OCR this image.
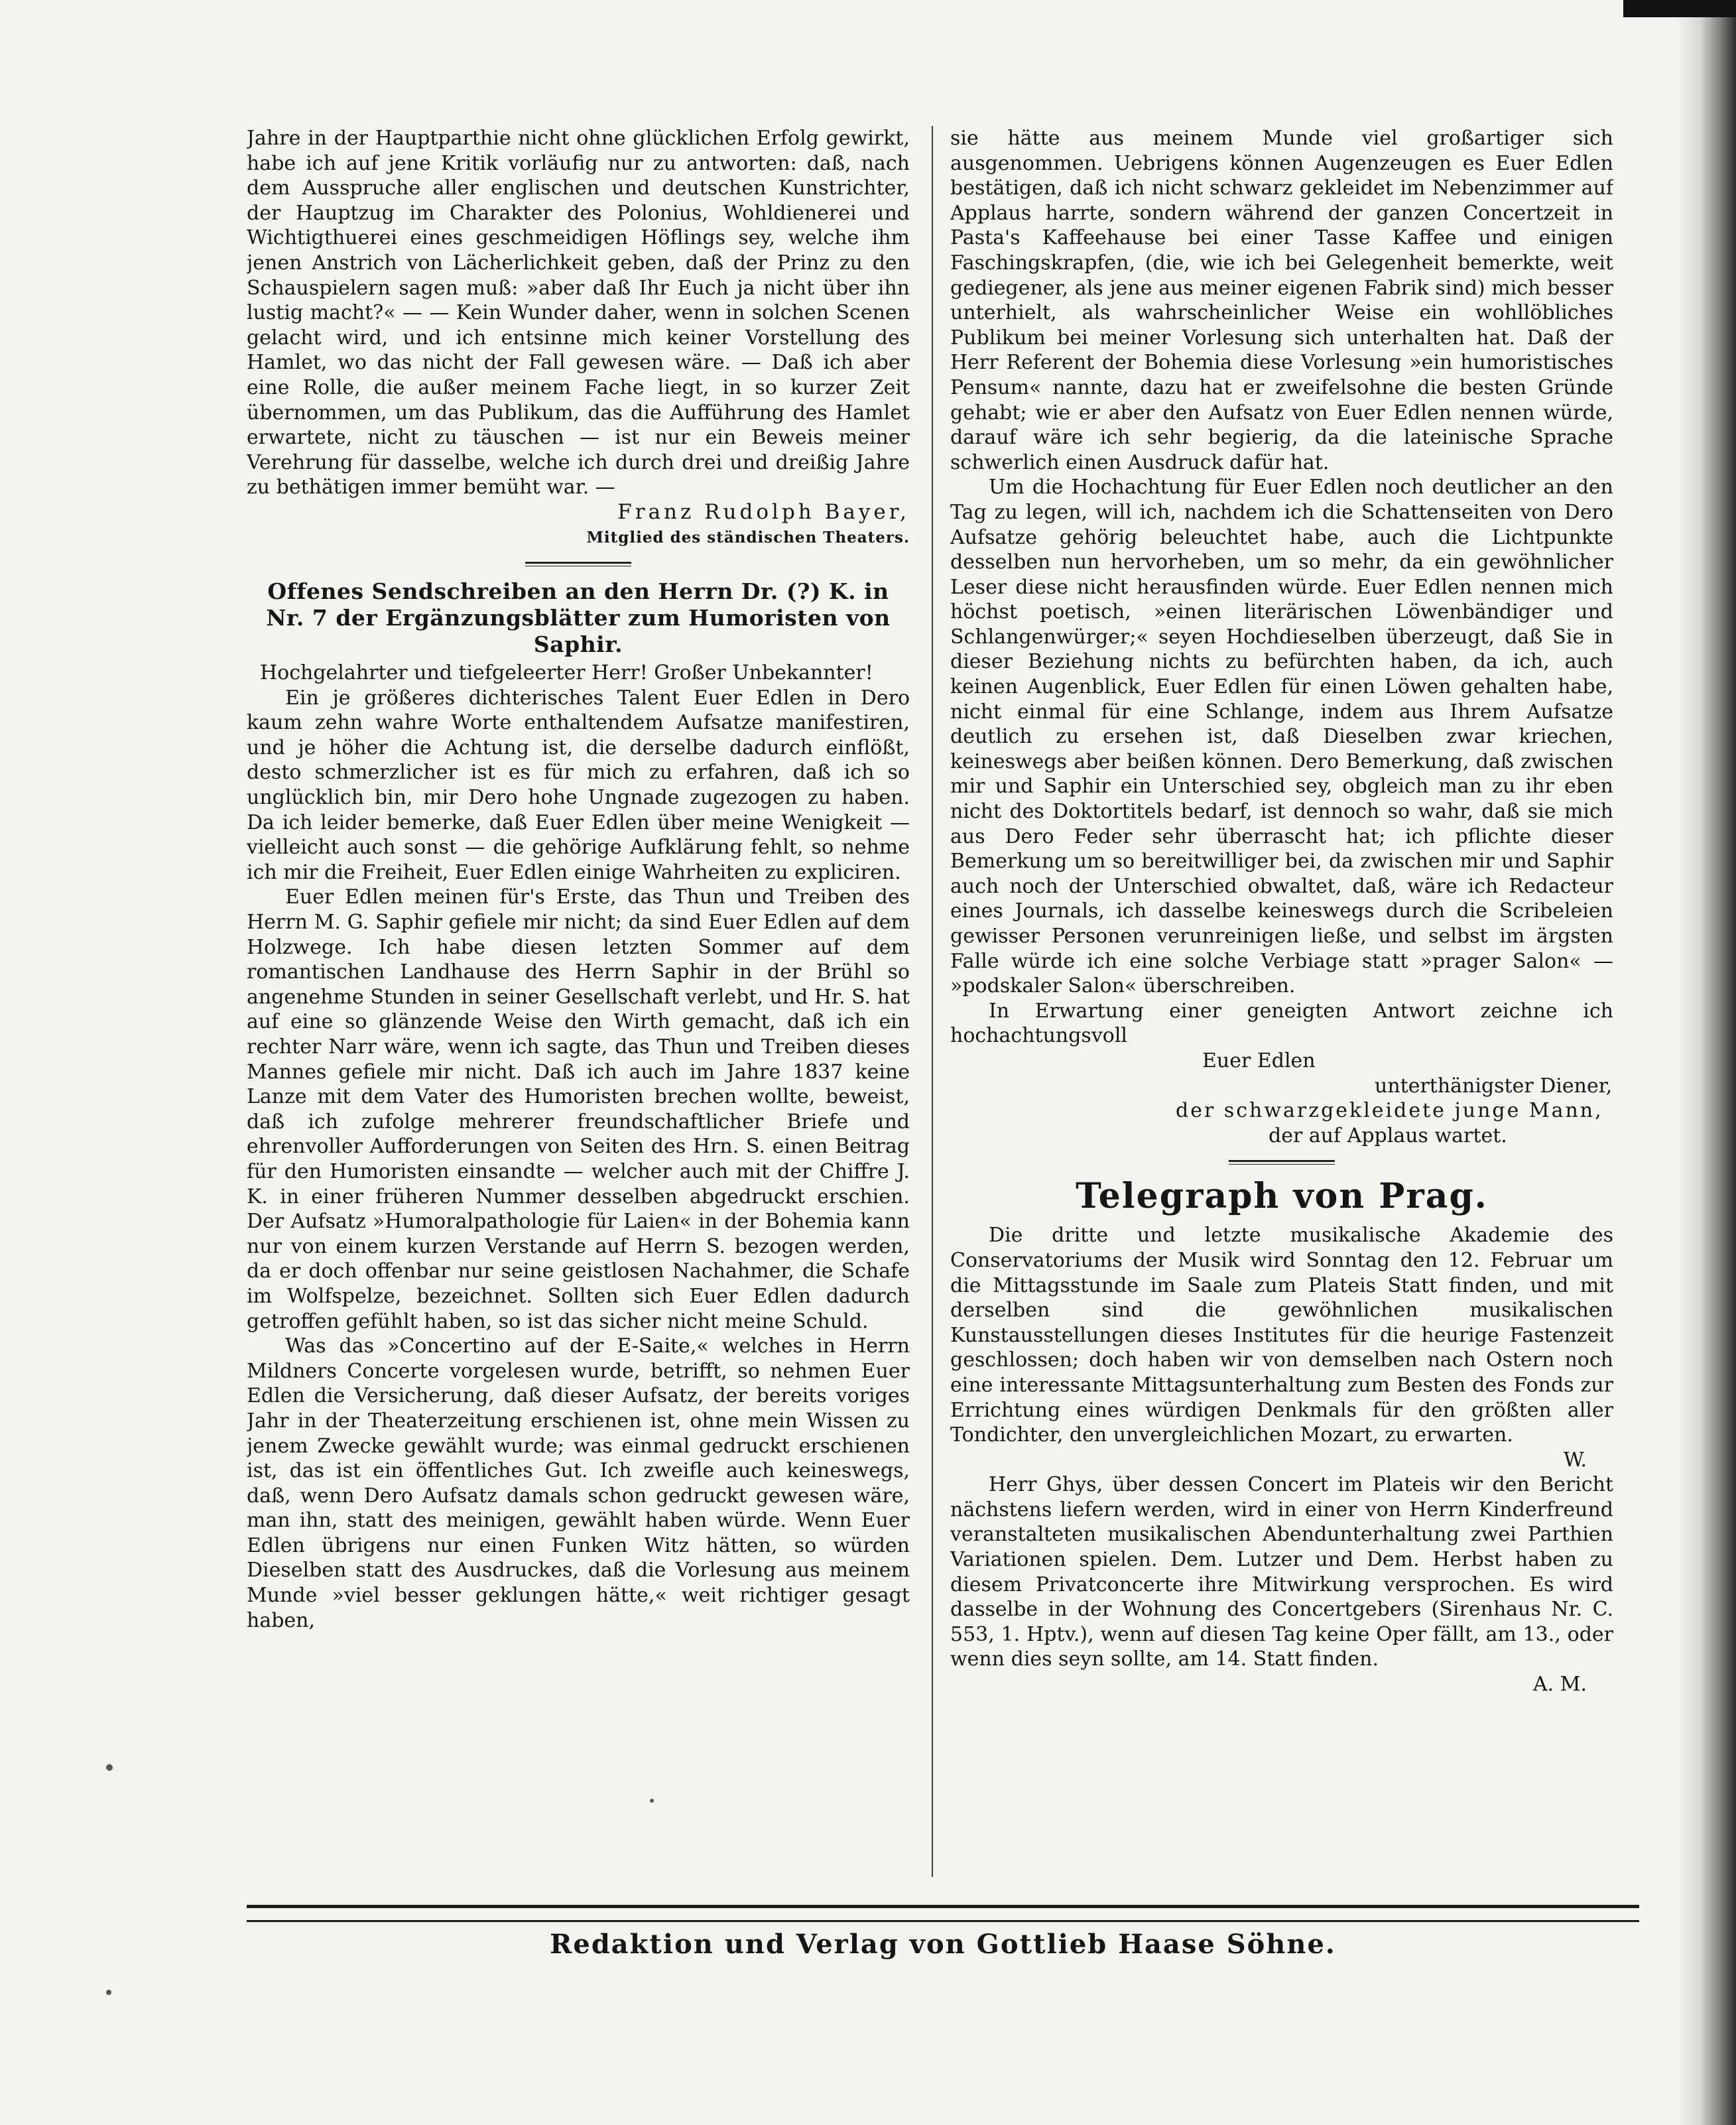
Jahre in der Hauptparthie nicht ohne glücklichen Erfolg gewirkt, habe ich auf jene Kritik vorläufig nur zu antworten: daß, nach dem Ausspruche aller englischen und deutschen Kunstrichter, der Hauptzug im Charakter des Polonius, Wohldienerei und Wichtigthuerei eines geschmeidigen Höflings sey, welche ihm jenen Anstrich von Lächerlichkeit geben, daß der Prinz zu den Schauspielern sagen muß: »aber daß Ihr Euch ja nicht über ihn lustig macht?« — — Kein Wunder daher, wenn in solchen Scenen gelacht wird, und ich entsinne mich keiner Vorstellung des Hamlet, wo das nicht der Fall gewesen wäre. — Daß ich aber eine Rolle, die außer meinem Fache liegt, in so kurzer Zeit übernommen, um das Publikum, das die Aufführung des Hamlet erwartete, nicht zu täuschen — ist nur ein Beweis meiner Verehrung für dasselbe, welche ich durch drei und dreißig Jahre zu bethätigen immer bemüht war. —

Franz Rudolph Bayer,
Mitglied des ständischen Theaters.
Offenes Sendschreiben an den Herrn Dr. (?) K. in Nr. 7 der Ergänzungsblätter zum Humoristen von Saphir.

Hochgelahrter und tiefgeleerter Herr! Großer Unbekannter!

Ein je größeres dichterisches Talent Euer Edlen in Dero kaum zehn wahre Worte enthaltendem Aufsatze manifestiren, und je höher die Achtung ist, die derselbe dadurch einflößt, desto schmerzlicher ist es für mich zu erfahren, daß ich so unglücklich bin, mir Dero hohe Ungnade zugezogen zu haben. Da ich leider bemerke, daß Euer Edlen über meine Wenigkeit — vielleicht auch sonst — die gehörige Aufklärung fehlt, so nehme ich mir die Freiheit, Euer Edlen einige Wahrheiten zu expliciren.

Euer Edlen meinen für's Erste, das Thun und Treiben des Herrn M. G. Saphir gefiele mir nicht; da sind Euer Edlen auf dem Holzwege. Ich habe diesen letzten Sommer auf dem romantischen Landhause des Herrn Saphir in der Brühl so angenehme Stunden in seiner Gesellschaft verlebt, und Hr. S. hat auf eine so glänzende Weise den Wirth gemacht, daß ich ein rechter Narr wäre, wenn ich sagte, das Thun und Treiben dieses Mannes gefiele mir nicht. Daß ich auch im Jahre 1837 keine Lanze mit dem Vater des Humoristen brechen wollte, beweist, daß ich zufolge mehrerer freundschaftlicher Briefe und ehrenvoller Aufforderungen von Seiten des Hrn. S. einen Beitrag für den Humoristen einsandte — welcher auch mit der Chiffre J. K. in einer früheren Nummer desselben abgedruckt erschien. Der Aufsatz »Humoralpathologie für Laien« in der Bohemia kann nur von einem kurzen Verstande auf Herrn S. bezogen werden, da er doch offenbar nur seine geistlosen Nachahmer, die Schafe im Wolfspelze, bezeichnet. Sollten sich Euer Edlen dadurch getroffen gefühlt haben, so ist das sicher nicht meine Schuld.

Was das »Concertino auf der E-Saite,« welches in Herrn Mildners Concerte vorgelesen wurde, betrifft, so nehmen Euer Edlen die Versicherung, daß dieser Aufsatz, der bereits voriges Jahr in der Theaterzeitung erschienen ist, ohne mein Wissen zu jenem Zwecke gewählt wurde; was einmal gedruckt erschienen ist, das ist ein öffentliches Gut. Ich zweifle auch keineswegs, daß, wenn Dero Aufsatz damals schon gedruckt gewesen wäre, man ihn, statt des meinigen, gewählt haben würde. Wenn Euer Edlen übrigens nur einen Funken Witz hätten, so würden Dieselben statt des Ausdruckes, daß die Vorlesung aus meinem Munde »viel besser geklungen hätte,« weit richtiger gesagt haben,

sie hätte aus meinem Munde viel großartiger sich ausgenommen. Uebrigens können Augenzeugen es Euer Edlen bestätigen, daß ich nicht schwarz gekleidet im Nebenzimmer auf Applaus harrte, sondern während der ganzen Concertzeit in Pasta's Kaffeehause bei einer Tasse Kaffee und einigen Faschingskrapfen, (die, wie ich bei Gelegenheit bemerkte, weit gediegener, als jene aus meiner eigenen Fabrik sind) mich besser unterhielt, als wahrscheinlicher Weise ein wohllöbliches Publikum bei meiner Vorlesung sich unterhalten hat. Daß der Herr Referent der Bohemia diese Vorlesung »ein humoristisches Pensum« nannte, dazu hat er zweifelsohne die besten Gründe gehabt; wie er aber den Aufsatz von Euer Edlen nennen würde, darauf wäre ich sehr begierig, da die lateinische Sprache schwerlich einen Ausdruck dafür hat.

Um die Hochachtung für Euer Edlen noch deutlicher an den Tag zu legen, will ich, nachdem ich die Schattenseiten von Dero Aufsatze gehörig beleuchtet habe, auch die Lichtpunkte desselben nun hervorheben, um so mehr, da ein gewöhnlicher Leser diese nicht herausfinden würde. Euer Edlen nennen mich höchst poetisch, »einen literärischen Löwenbändiger und Schlangenwürger;« seyen Hochdieselben überzeugt, daß Sie in dieser Beziehung nichts zu befürchten haben, da ich, auch keinen Augenblick, Euer Edlen für einen Löwen gehalten habe, nicht einmal für eine Schlange, indem aus Ihrem Aufsatze deutlich zu ersehen ist, daß Dieselben zwar kriechen, keineswegs aber beißen können. Dero Bemerkung, daß zwischen mir und Saphir ein Unterschied sey, obgleich man zu ihr eben nicht des Doktortitels bedarf, ist dennoch so wahr, daß sie mich aus Dero Feder sehr überrascht hat; ich pflichte dieser Bemerkung um so bereitwilliger bei, da zwischen mir und Saphir auch noch der Unterschied obwaltet, daß, wäre ich Redacteur eines Journals, ich dasselbe keineswegs durch die Scribeleien gewisser Personen verunreinigen ließe, und selbst im ärgsten Falle würde ich eine solche Verbiage statt »prager Salon« — »podskaler Salon« überschreiben.

In Erwartung einer geneigten Antwort zeichne ich hochachtungsvoll

Euer Edlen
unterthänigster Diener,
der schwarzgekleidete junge Mann,
der auf Applaus wartet.
Telegraph von Prag.

Die dritte und letzte musikalische Akademie des Conservatoriums der Musik wird Sonntag den 12. Februar um die Mittagsstunde im Saale zum Plateis Statt finden, und mit derselben sind die gewöhnlichen musikalischen Kunstausstellungen dieses Institutes für die heurige Fastenzeit geschlossen; doch haben wir von demselben nach Ostern noch eine interessante Mittagsunterhaltung zum Besten des Fonds zur Errichtung eines würdigen Denkmals für den größten aller Tondichter, den unvergleichlichen Mozart, zu erwarten.

W.

Herr Ghys, über dessen Concert im Plateis wir den Bericht nächstens liefern werden, wird in einer von Herrn Kinderfreund veranstalteten musikalischen Abendunterhaltung zwei Parthien Variationen spielen. Dem. Lutzer und Dem. Herbst haben zu diesem Privatconcerte ihre Mitwirkung versprochen. Es wird dasselbe in der Wohnung des Concertgebers (Sirenhaus Nr. C. 553, 1. Hptv.), wenn auf diesen Tag keine Oper fällt, am 13., oder wenn dies seyn sollte, am 14. Statt finden.

A. M.
Redaktion und Verlag von Gottlieb Haase Söhne.
